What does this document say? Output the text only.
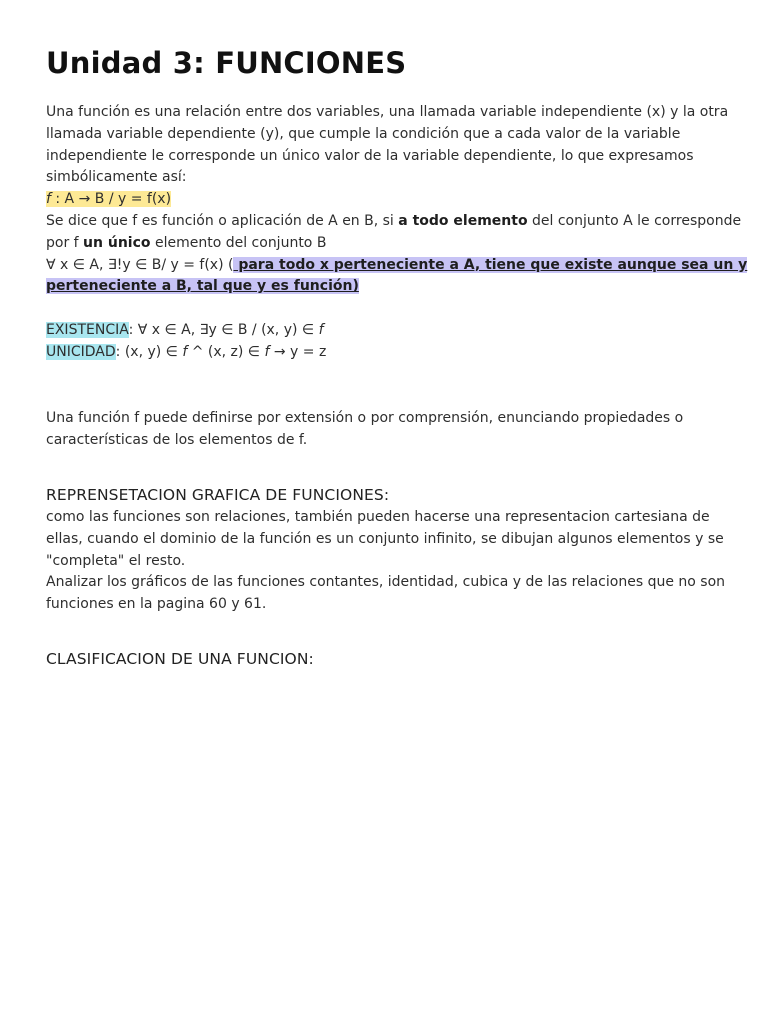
Unidad 3: FUNCIONES
Una función es una relación entre dos variables, una llamada variable independiente (x) y la otra
llamada variable dependiente (y), que cumple la condición que a cada valor de la variable
independiente le corresponde un único valor de la variable dependiente, lo que expresamos
simbólicamente así:
f : A → B / y = f(x)
Se dice que f es función o aplicación de A en B, si a todo elemento del conjunto A le corresponde
por f un único elemento del conjunto B
∀ x ∈ A, ∃!y ∈ B/ y = f(x) ( para todo x perteneciente a A, tiene que existe aunque sea un y
perteneciente a B, tal que y es función)
EXISTENCIA: ∀ x ∈ A, ∃y ∈ B / (x, y) ∈ f
UNICIDAD: (x, y) ∈ f ^ (x, z) ∈ f → y = z
Una función f puede definirse por extensión o por comprensión, enunciando propiedades o
características de los elementos de f.
REPRENSETACION GRAFICA DE FUNCIONES:
como las funciones son relaciones, también pueden hacerse una representacion cartesiana de
ellas, cuando el dominio de la función es un conjunto infinito, se dibujan algunos elementos y se
"completa" el resto.
Analizar los gráficos de las funciones contantes, identidad, cubica y de las relaciones que no son
funciones en la pagina 60 y 61.
CLASIFICACION DE UNA FUNCION:
